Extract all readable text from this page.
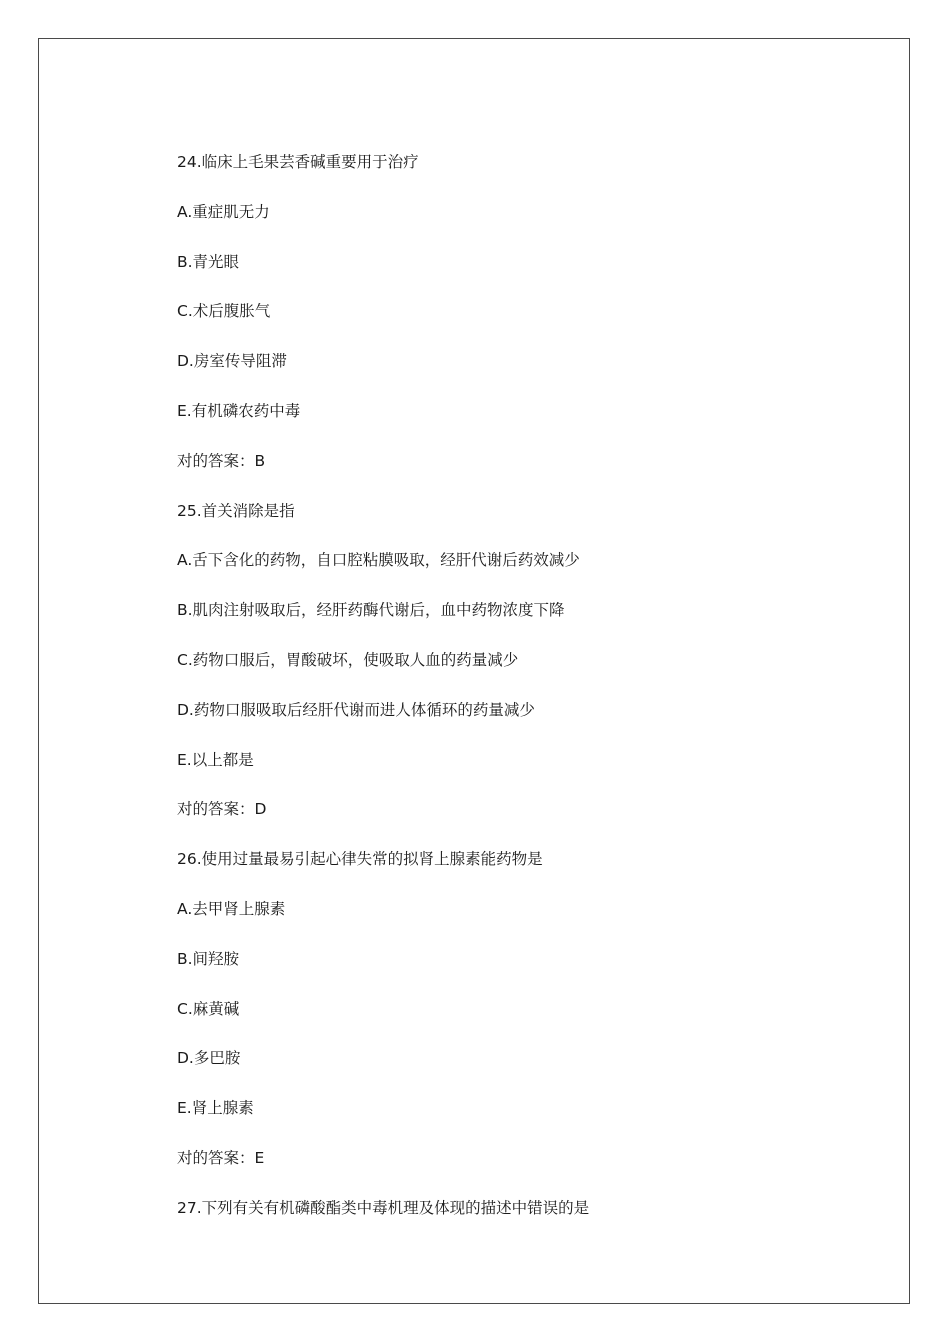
24.临床上毛果芸香碱重要用于治疗
A.重症肌无力
B.青光眼
C.术后腹胀气
D.房室传导阻滞
E.有机磷农药中毒
对的答案：B
25.首关消除是指
A.舌下含化的药物，自口腔粘膜吸取，经肝代谢后药效减少
B.肌肉注射吸取后，经肝药酶代谢后，血中药物浓度下降
C.药物口服后，胃酸破坏，使吸取人血的药量减少
D.药物口服吸取后经肝代谢而进人体循环的药量减少
E.以上都是
对的答案：D
26.使用过量最易引起心律失常的拟肾上腺素能药物是
A.去甲肾上腺素
B.间羟胺
C.麻黄碱
D.多巴胺
E.肾上腺素
对的答案：E
27.下列有关有机磷酸酯类中毒机理及体现的描述中错误的是
